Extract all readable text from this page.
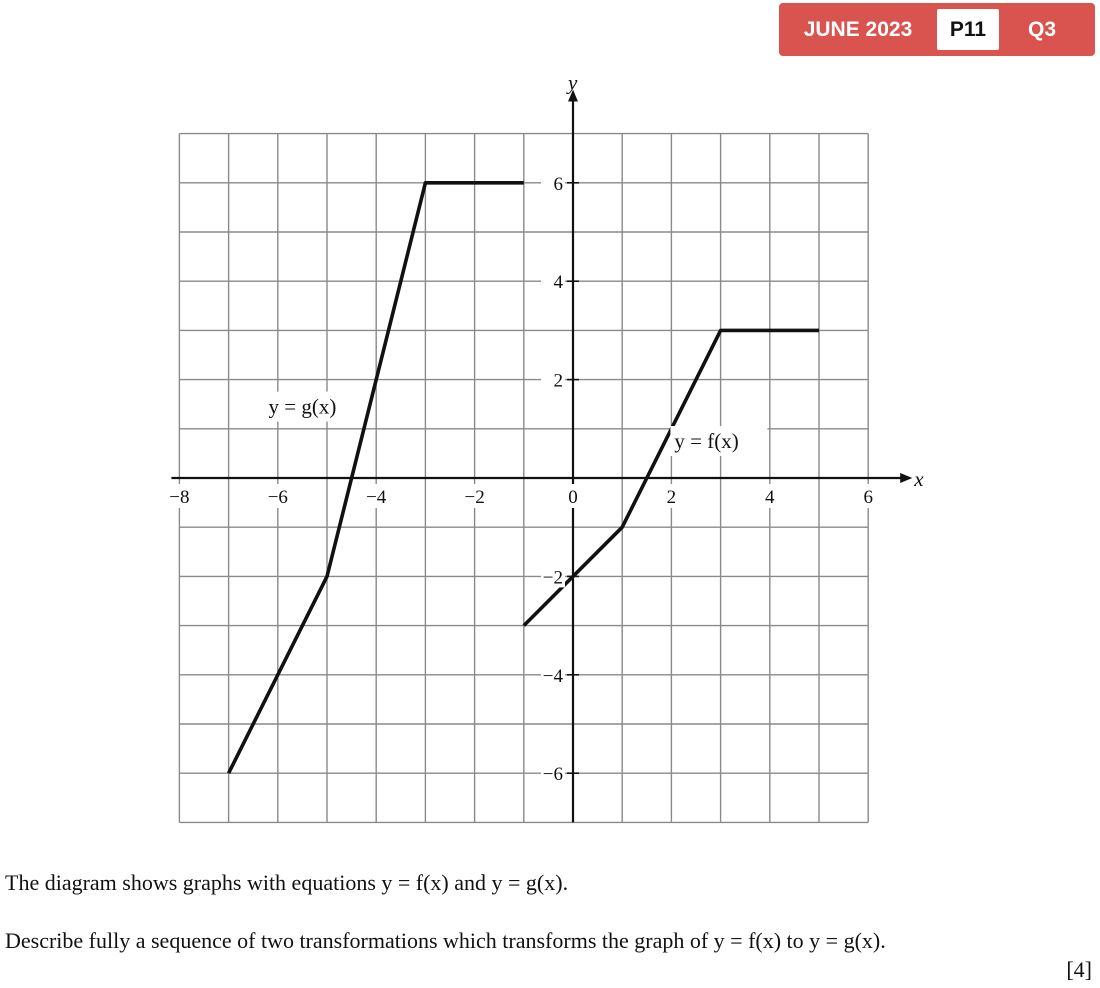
JUNE 2023	P11	Q3
−8	−6	−4	−2	0	2	4	6
6
4
2
−2
−4
−6
x
y
y = f(x)
y = g(x)
The diagram shows graphs with equations y = f(x) and y = g(x).
Describe fully a sequence of two transformations which transforms the graph of y = f(x) to y = g(x).
[4]
